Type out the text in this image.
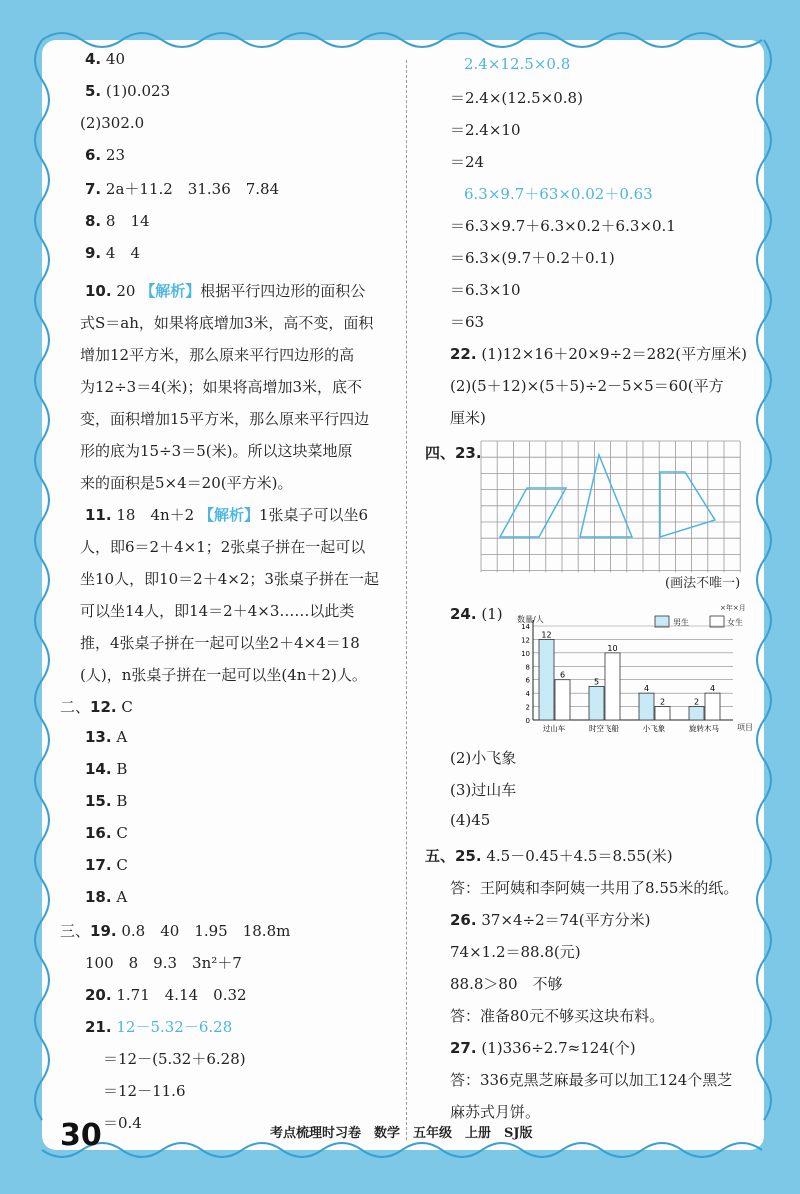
4. 40
5. (1)0.023
(2)302.0
6. 23
7. 2a＋11.2　31.36　7.84
8. 8　14
9. 4　4
10. 20 【解析】根据平行四边形的面积公
式S＝ah，如果将底增加3米，高不变，面积
增加12平方米，那么原来平行四边形的高
为12÷3＝4(米)；如果将高增加3米，底不
变，面积增加15平方米，那么原来平行四边
形的底为15÷3＝5(米)。所以这块菜地原
来的面积是5×4＝20(平方米)。
11. 18　4n＋2 【解析】1张桌子可以坐6
人，即6＝2＋4×1；2张桌子拼在一起可以
坐10人，即10＝2＋4×2；3张桌子拼在一起
可以坐14人，即14＝2＋4×3……以此类
推，4张桌子拼在一起可以坐2＋4×4＝18
(人)，n张桌子拼在一起可以坐(4n＋2)人。
二、12. C
13. A
14. B
15. B
16. C
17. C
18. A
三、19. 0.8　40　1.95　18.8m
100　8　9.3　3n²＋7
20. 1.71　4.14　0.32
21. 12－5.32－6.28
＝12－(5.32＋6.28)
＝12－11.6
＝0.4
2.4×12.5×0.8
＝2.4×(12.5×0.8)
＝2.4×10
＝24
6.3×9.7＋63×0.02＋0.63
＝6.3×9.7＋6.3×0.2＋6.3×0.1
＝6.3×(9.7＋0.2＋0.1)
＝6.3×10
＝63
22. (1)12×16＋20×9÷2＝282(平方厘米)
(2)(5＋12)×(5＋5)÷2－5×5＝60(平方
厘米)
四、23.
(画法不唯一)
24. (1) 数量/人
×年×月
男生	女生
项目
0
2
4
6
8
10
12
14
12
6
过山车
5
10
时空飞船
4
2
小飞象
2
4
旋转木马
(2)小飞象
(3)过山车
(4)45
五、25. 4.5－0.45＋4.5＝8.55(米)
答：王阿姨和李阿姨一共用了8.55米的纸。
26. 37×4÷2＝74(平方分米)
74×1.2＝88.8(元)
88.8＞80　不够
答：准备80元不够买这块布料。
27. (1)336÷2.7≈124(个)
答：336克黑芝麻最多可以加工124个黑芝
麻苏式月饼。
30	考点梳理时习卷　数学　五年级　上册　SJ版
